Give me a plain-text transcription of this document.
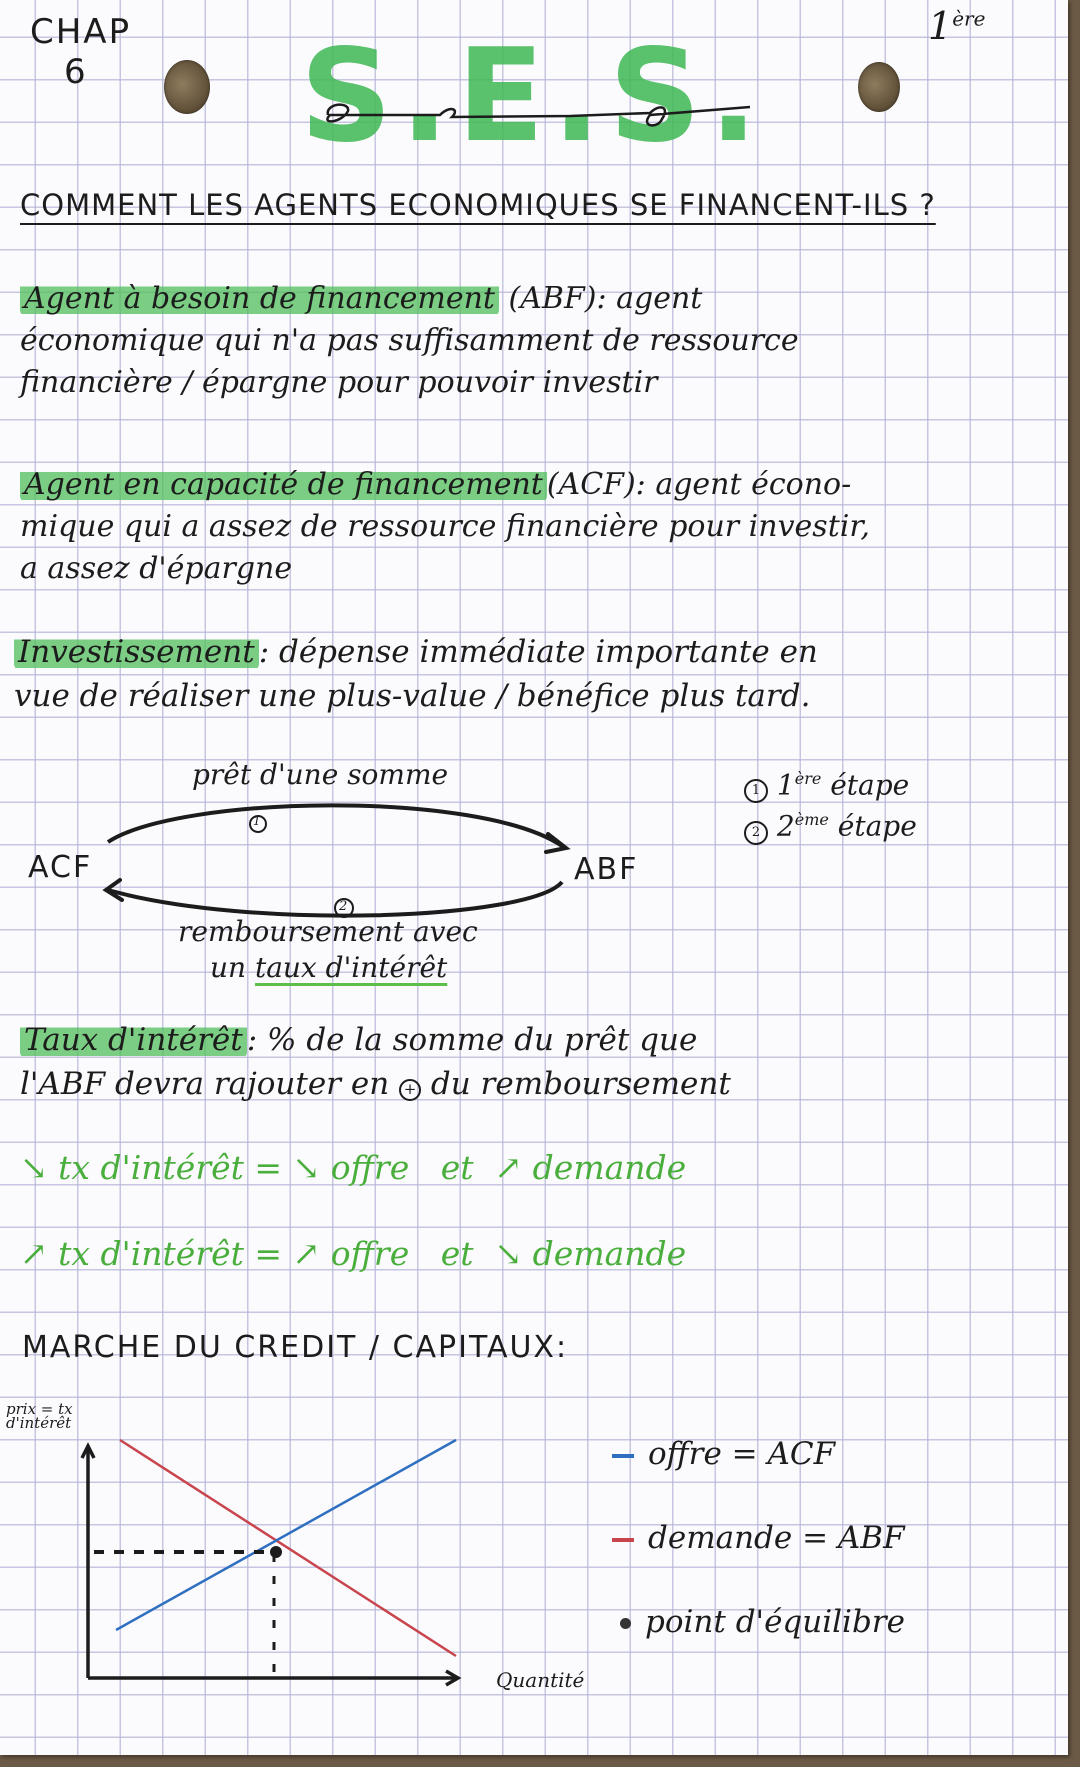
CHAP
6 S.E.S.	1ère
COMMENT LES AGENTS ECONOMIQUES SE FINANCENT-ILS ?
Agent à besoin de financement (ABF): agent
économique qui n'a pas suffisamment de ressource
financière / épargne pour pouvoir investir
Agent en capacité de financement (ACF): agent écono-
mique qui a assez de ressource financière pour investir,
a assez d'épargne
Investissement : dépense immédiate importante en
vue de réaliser une plus-value / bénéfice plus tard.
prêt d'une somme
ACF	ABF
1
2
remboursement avec
un taux d'intérêt
1 1ère étape
2 2ème étape
Taux d'intérêt : % de la somme du prêt que
l'ABF devra rajouter en + du remboursement
↘ tx d'intérêt = ↘ offre et ↗ demande
↗ tx d'intérêt = ↗ offre et ↘ demande
MARCHE DU CREDIT / CAPITAUX:
prix = tx d'intérêt
Quantité
offre = ACF
demande = ABF
point d'équilibre
